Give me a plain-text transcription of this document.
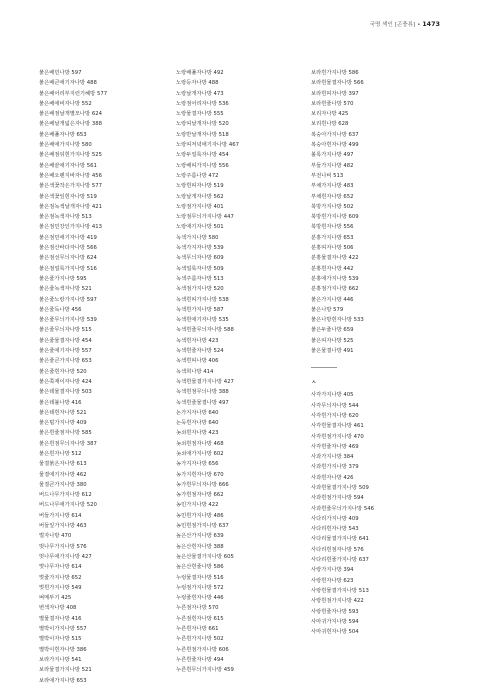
국명 색인 [곤충류] • 1473
붉은배민나방 597
붉은배큰애기자나방 488
붉은배어리부지런기혜방 577
붉은배애비자나방 552
붉은배점날개별모나방 624
붉은배날개넓은자나방 388
붉은배풀자나방 653
붉은배애가지나방 580
붉은배점뒤흰가지나방 525
붉은배끝애기자나방 561
붉은배오렌지바자나방 456
붉은색꽃작은가지나방 577
붉은색꽃잎흰자나방 519
붉은점녹색날개자나방 421
붉은점녹색자나방 513
붉은점민강인가지나방 413
붉은점민애기자나방 419
붉은점산바다자나방 566
붉은점선무늬자나방 624
붉은점얼룩가지나방 516
붉은줄가지나방 595
붉은줄녹색자나방 521
붉은줄노랑가지나방 597
붉은줄독나방 456
붉은줄무늬가지나방 539
붉은줄무늬자나방 515
붉은줄물결자나방 454
붉은줄애기자나방 557
붉은줄큰가지나방 653
붉은줄흰자나방 520
붉은쭉재이자나방 424
붉은테물결자나방 503
붉은테불나방 416
붉은테흰자나방 521
붉은털가지나방 409
붉은흰줄점자나방 585
붉은흰점무늬자나방 387
붉은흰자나방 512
물결붉은자나방 613
물결애기자나방 462
물결큰가지나방 380
버드나무가지나방 612
버드나무애가지나방 520
버들가지나방 614
버들잎가지나방 463
벌자나방 470
벗나무가지나방 576
벗나무애가지나방 427
벚나무자나방 614
벚줄가지나방 652
벚흰가지나방 549
벼메뚜기 425
변색자나방 408
별물결자나방 416
별박이가지나방 557
별박이자나방 515
별박이흰자나방 386
보라가지나방 541
보라물결가지나방 521
보라애가지나방 653
노랑배풀자나방 492
노랑등자나방 488
노랑날개자나방 473
노랑점어리자나방 536
노랑물결자나방 555
노랑띠날개자나방 520
노랑반날개자나방 518
노랑띠저녁애기자나방 467
노랑두얼룩자나방 454
노랑배띠가지나방 556
노랑주름나방 472
노랑흰띠자나방 519
노랑날개자나방 562
노랑점가지나방 401
노랑점무늬가지나방 447
노랑애기자나방 501
녹색가지나방 580
녹색가지자나방 539
녹색무늬자나방 609
녹색얼룩자나방 509
녹색주름자나방 513
녹색점가지나방 520
녹색흰띠가지나방 538
녹색흰가지나방 587
녹색흰애기자나방 535
녹색흰줄무늬자나방 588
녹색흰자나방 423
녹색흰줄자나방 524
녹색흰띠나방 406
녹색희나방 414
녹색흰물결가지나방 427
녹색흰점무늬나방 388
녹색흰줄물결나방 497
논가지자나방 640
논둑흰자나방 640
놋쇠흰자나방 423
놋쇠흰점자나방 468
놋쇠애가지나방 602
농가지자나방 656
농가지흰자나방 670
농가흰무늬자나방 666
농가흰점자나방 662
농민가지나방 422
농민흰가지나방 486
농민흰점가지나방 637
높은산가지나방 639
높은산흰자나방 388
높은산물결가지나방 605
높은산흰줄나방 586
누렁물결자나방 516
누렁점가지나방 572
누렁줄흰자나방 446
누른점자나방 570
누른점흰자나방 615
누른흰자나방 661
누른흰가지나방 502
누른흰점가지나방 606
누른흰줄자나방 494
누른흰무늬가지나방 459
보라흰가지나방 586
보라흰물결자나방 566
보라흰띠자나방 397
보라흰줄나방 570
보리자나방 425
보리흰나방 628
복숭아가지나방 637
복숭아흰자나방 499
볼록가지나방 497
부들가지나방 482
부전나비 513
부채가지나방 483
부채흰자나방 652
북방가지나방 502
북방흰가지나방 609
북방흰자나방 556
분홍가지나방 653
분홍띠자나방 506
분홍물결자나방 422
분홍흰자나방 442
분홍애가지나방 539
분홍점가지나방 662
붉은가지나방 446
붉은나방 579
붉은나방흰자나방 533
붉은두줄나방 659
붉은띠자나방 525
붉은물결나방 491
ㅅ
사각가지나방 405
사각무늬자나방 544
사각흰가지나방 620
사각흰물결자나방 461
사각흰점가지나방 470
사각흰줄자나방 469
사과가지나방 384
사과흰가지나방 379
사과흰자나방 426
사과흰물결가지나방 509
사과흰점가지나방 594
사과흰줄무늬가지나방 546
사다리가지나방 409
사다리흰자나방 543
사다리물결가지나방 641
사다리흰점자나방 576
사다리흰줄가지나방 637
사랑가지나방 394
사랑흰자나방 623
사랑흰물결가지나방 513
사랑흰점가지나방 422
사랑흰줄자나방 593
사마귀가지나방 594
사마귀흰자나방 504
